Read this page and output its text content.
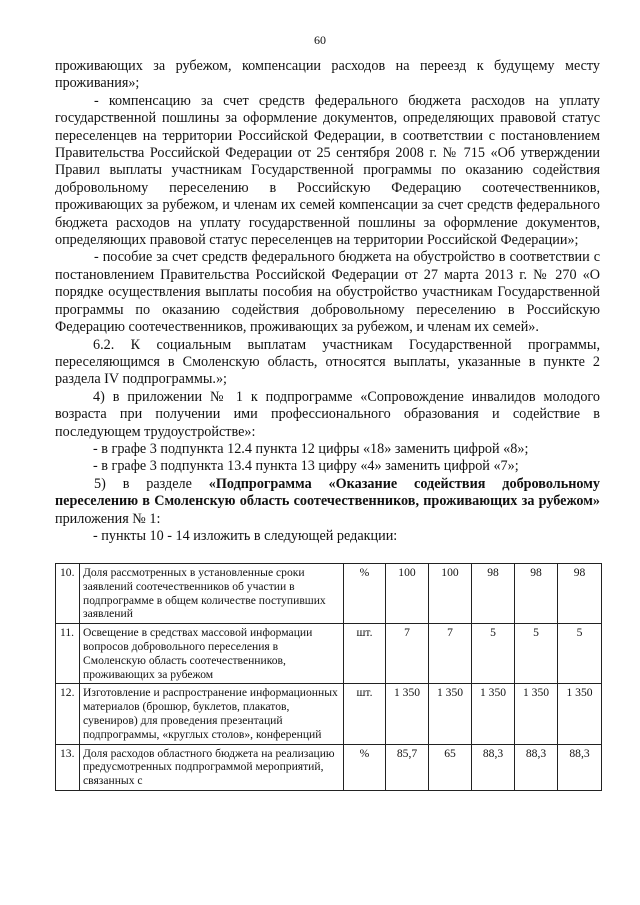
60

проживающих за рубежом, компенсации расходов на переезд к будущему месту проживания»;

- компенсацию за счет средств федерального бюджета расходов на уплату государственной пошлины за оформление документов, определяющих правовой статус переселенцев на территории Российской Федерации, в соответствии с постановлением Правительства Российской Федерации от 25 сентября 2008 г. № 715 «Об утверждении Правил выплаты участникам Государственной программы по оказанию содействия добровольному переселению в Российскую Федерацию соотечественников, проживающих за рубежом, и членам их семей компенсации за счет средств федерального бюджета расходов на уплату государственной пошлины за оформление документов, определяющих правовой статус переселенцев на территории Российской Федерации»;

- пособие за счет средств федерального бюджета на обустройство в соответствии с постановлением Правительства Российской Федерации от 27 марта 2013 г. № 270 «О порядке осуществления выплаты пособия на обустройство участникам Государственной программы по оказанию содействия добровольному переселению в Российскую Федерацию соотечественников, проживающих за рубежом, и членам их семей».

6.2. К социальным выплатам участникам Государственной программы, переселяющимся в Смоленскую область, относятся выплаты, указанные в пункте 2 раздела IV подпрограммы.»;

4) в приложении № 1 к подпрограмме «Сопровождение инвалидов молодого возраста при получении ими профессионального образования и содействие в последующем трудоустройстве»:

- в графе 3 подпункта 12.4 пункта 12 цифры «18» заменить цифрой «8»;

- в графе 3 подпункта 13.4 пункта 13 цифру «4» заменить цифрой «7»;

5) в разделе «Подпрограмма «Оказание содействия добровольному переселению в Смоленскую область соотечественников, проживающих за рубежом» приложения № 1:

- пункты 10 - 14 изложить в следующей редакции:

10.	Доля рассмотренных в установленные сроки заявлений соотечественников об участии в подпрограмме в общем количестве поступивших заявлений	%	100	100	98	98	98
11.	Освещение в средствах массовой информации вопросов добровольного переселения в Смоленскую область соотечественников, проживающих за рубежом	шт.	7	7	5	5	5
12.	Изготовление и распространение информационных материалов (брошюр, буклетов, плакатов, сувениров) для проведения презентаций подпрограммы, «круглых столов», конференций	шт.	1 350	1 350	1 350	1 350	1 350
13.	Доля расходов областного бюджета на реализацию предусмотренных подпрограммой мероприятий, связанных с	%	85,7	65	88,3	88,3	88,3
